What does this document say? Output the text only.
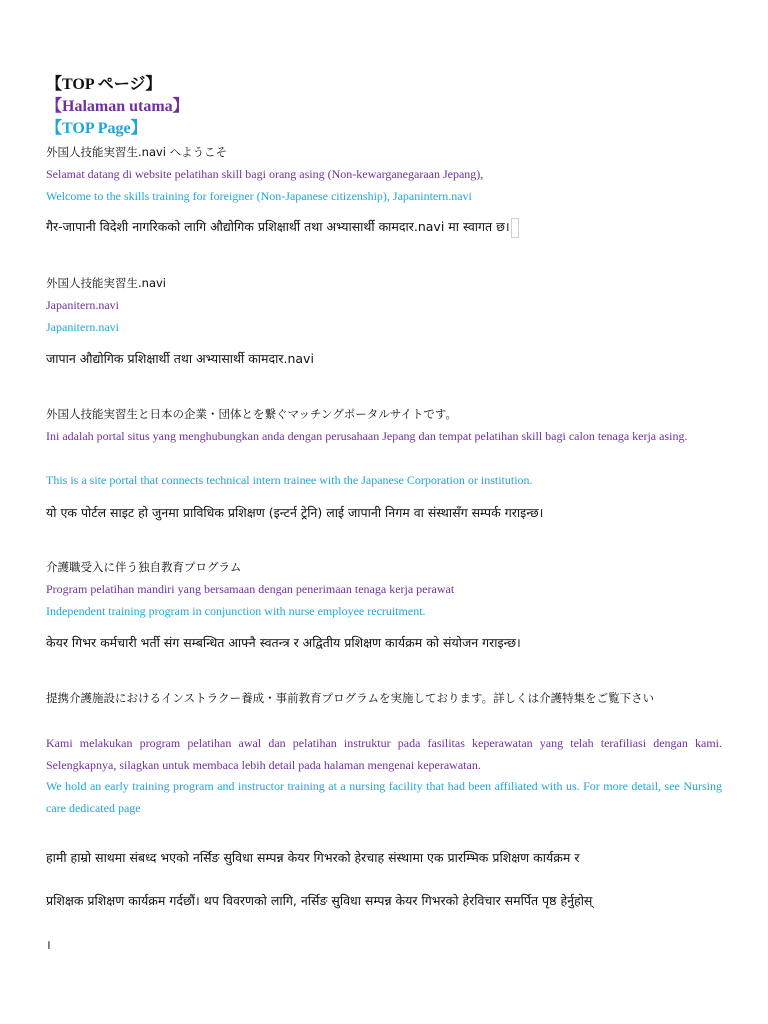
【TOP ページ】
【Halaman utama】
【TOP Page】
外国人技能実習生.navi へようこそ
Selamat datang di website pelatihan skill bagi orang asing (Non-kewarganegaraan Jepang),
Welcome to the skills training for foreigner (Non-Japanese citizenship), Japanintern.navi
गैर-जापानी विदेशी नागरिकको लागि औद्योगिक प्रशिक्षार्थी तथा अभ्यासार्थी कामदार.navi मा स्वागत छ।
外国人技能実習生.navi
Japanitern.navi
Japanitern.navi
जापान औद्योगिक प्रशिक्षार्थी तथा अभ्यासार्थी कामदार.navi
外国人技能実習生と日本の企業・団体とを繋ぐマッチングポータルサイトです。
Ini adalah portal situs yang menghubungkan anda dengan perusahaan Jepang dan tempat pelatihan skill bagi calon tenaga kerja asing.
This is a site portal that connects technical intern trainee with the Japanese Corporation or institution.
यो एक पोर्टल साइट हो जुनमा प्राविधिक प्रशिक्षण (इन्टर्न ट्रेनि) लाई जापानी निगम वा संस्थासँग सम्पर्क गराइन्छ।
介護職受入に伴う独自教育プログラム
Program pelatihan mandiri yang bersamaan dengan penerimaan tenaga kerja perawat
Independent training program in conjunction with nurse employee recruitment.
केयर गिभर कर्मचारी भर्ती संग सम्बन्धित आफ्नै स्वतन्त्र र अद्वितीय प्रशिक्षण कार्यक्रम को संयोजन गराइन्छ।
提携介護施設におけるインストラクー養成・事前教育プログラムを実施しております。詳しくは介護特集をご覧下さい
Kami melakukan program pelatihan awal dan pelatihan instruktur pada fasilitas keperawatan yang telah terafiliasi dengan kami. Selengkapnya, silagkan untuk membaca lebih detail pada halaman mengenai keperawatan.
We hold an early training program and instructor training at a nursing facility that had been affiliated with us. For more detail, see Nursing care dedicated page
हामी हाम्रो साथमा संबध्द भएको नर्सिङ सुविधा सम्पन्न केयर गिभरको हेरचाह संस्थामा एक प्रारम्भिक प्रशिक्षण कार्यक्रम र
प्रशिक्षक प्रशिक्षण कार्यक्रम गर्दछौं। थप विवरणको लागि, नर्सिङ सुविधा सम्पन्न केयर गिभरको हेरविचार समर्पित पृष्ठ हेर्नुहोस्
।
